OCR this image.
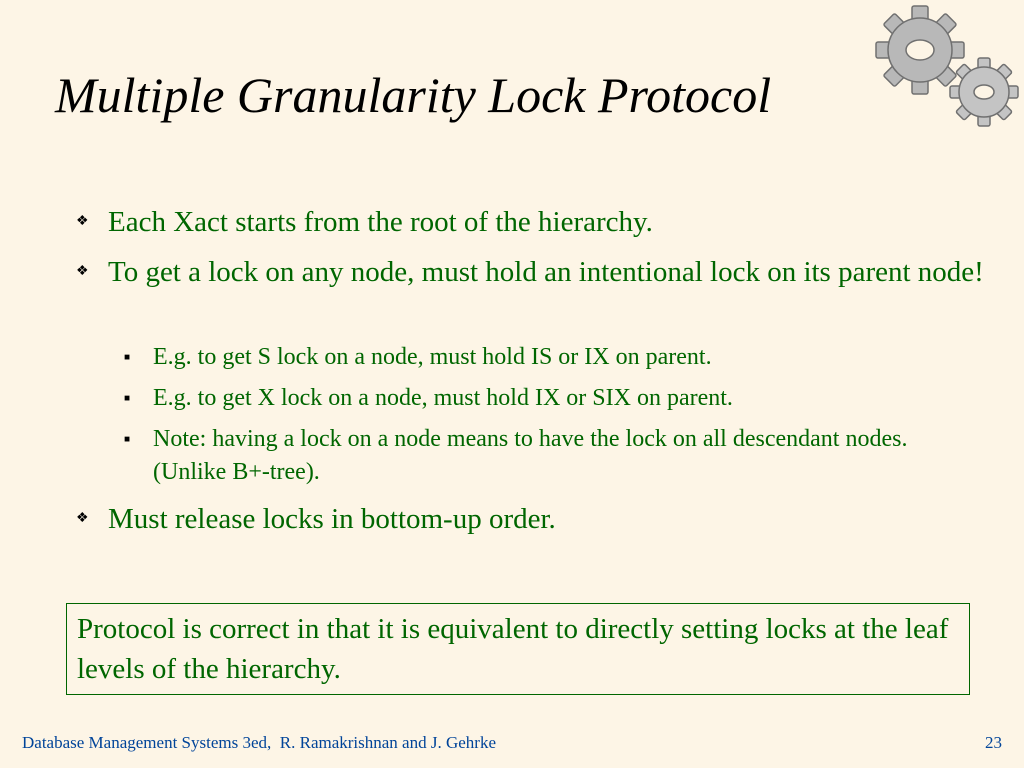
Multiple Granularity Lock Protocol
❖ Each Xact starts from the root of the hierarchy.
❖ To get a lock on any node, must hold an intentional lock on its parent node!
■ E.g. to get S lock on a node, must hold IS or IX on parent.
■ E.g. to get X lock on a node, must hold IX or SIX on parent.
■ Note: having a lock on a node means to have the lock on all descendant nodes. (Unlike B+-tree).
❖ Must release locks in bottom-up order.
Protocol is correct in that it is equivalent to directly setting locks at the leaf levels of the hierarchy.
Database Management Systems 3ed,  R. Ramakrishnan and J. Gehrke	23
